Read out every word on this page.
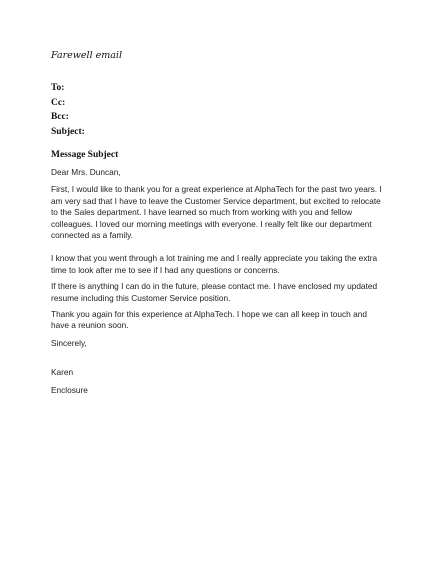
Farewell email
To:
Cc:
Bcc:
Subject:
Message Subject

Dear Mrs. Duncan,

First, I would like to thank you for a great experience at AlphaTech for the past two years. I am very sad that I have to leave the Customer Service department, but excited to relocate to the Sales department. I have learned so much from working with you and fellow colleagues. I loved our morning meetings with everyone. I really felt like our department connected as a family.

I know that you went through a lot training me and I really appreciate you taking the extra time to look after me to see if I had any questions or concerns.

If there is anything I can do in the future, please contact me. I have enclosed my updated resume including this Customer Service position.

Thank you again for this experience at AlphaTech. I hope we can all keep in touch and have a reunion soon.

Sincerely,

Karen

Enclosure
